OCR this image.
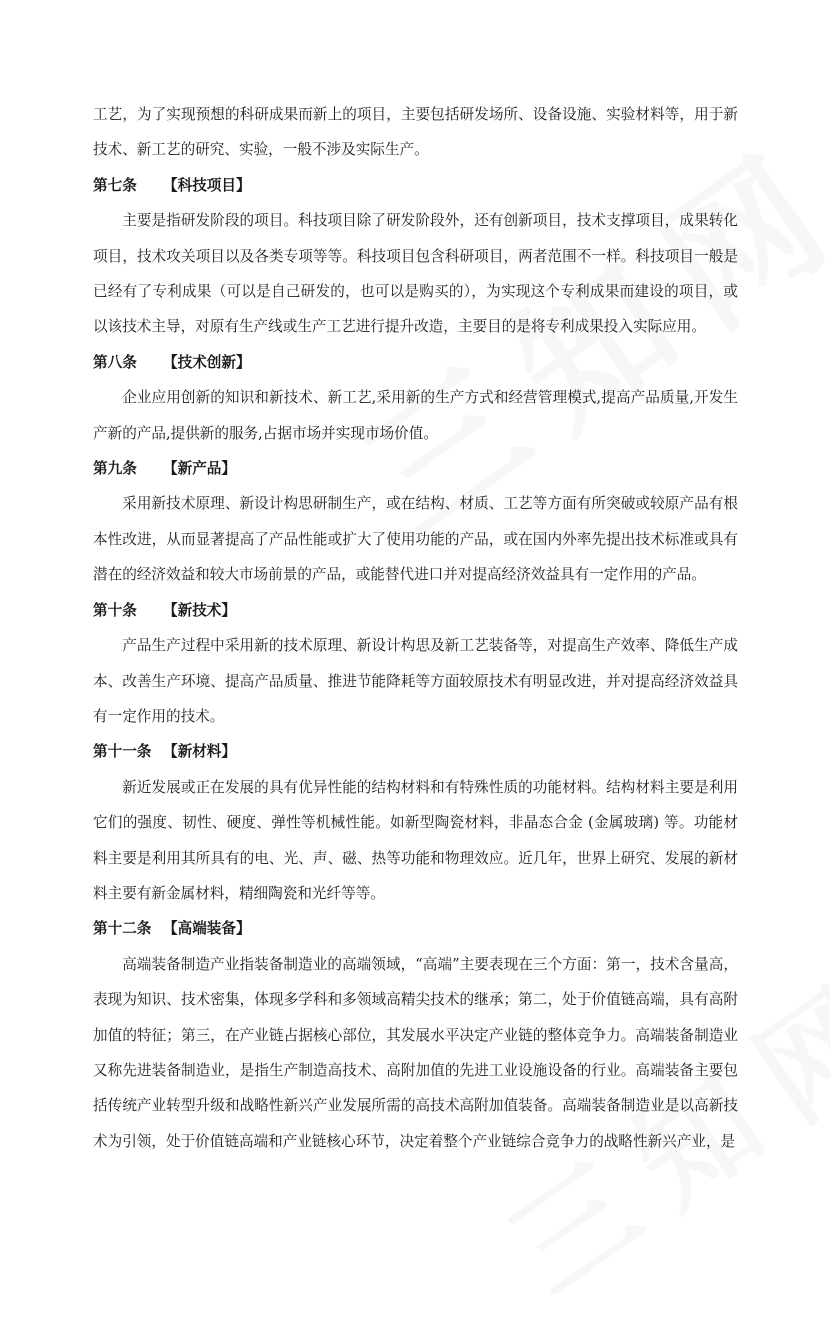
工艺，为了实现预想的科研成果而新上的项目，主要包括研发场所、设备设施、实验材料等，用于新技术、新工艺的研究、实验，一般不涉及实际生产。

第七条	【科技项目】

主要是指研发阶段的项目。科技项目除了研发阶段外，还有创新项目，技术支撑项目，成果转化项目，技术攻关项目以及各类专项等等。科技项目包含科研项目，两者范围不一样。科技项目一般是已经有了专利成果（可以是自己研发的，也可以是购买的），为实现这个专利成果而建设的项目，或以该技术主导，对原有生产线或生产工艺进行提升改造，主要目的是将专利成果投入实际应用。

第八条	【技术创新】

企业应用创新的知识和新技术、新工艺,采用新的生产方式和经营管理模式,提高产品质量,开发生产新的产品,提供新的服务,占据市场并实现市场价值。

第九条	【新产品】

采用新技术原理、新设计构思研制生产，或在结构、材质、工艺等方面有所突破或较原产品有根本性改进，从而显著提高了产品性能或扩大了使用功能的产品，或在国内外率先提出技术标准或具有潜在的经济效益和较大市场前景的产品，或能替代进口并对提高经济效益具有一定作用的产品。

第十条	【新技术】

产品生产过程中采用新的技术原理、新设计构思及新工艺装备等，对提高生产效率、降低生产成本、改善生产环境、提高产品质量、推进节能降耗等方面较原技术有明显改进，并对提高经济效益具有一定作用的技术。

第十一条 【新材料】

新近发展或正在发展的具有优异性能的结构材料和有特殊性质的功能材料。结构材料主要是利用它们的强度、韧性、硬度、弹性等机械性能。如新型陶瓷材料，非晶态合金 (金属玻璃) 等。功能材料主要是利用其所具有的电、光、声、磁、热等功能和物理效应。近几年，世界上研究、发展的新材料主要有新金属材料，精细陶瓷和光纤等等。

第十二条 【高端装备】

高端装备制造产业指装备制造业的高端领域，“高端”主要表现在三个方面：第一，技术含量高，表现为知识、技术密集，体现多学科和多领域高精尖技术的继承；第二，处于价值链高端，具有高附加值的特征；第三，在产业链占据核心部位，其发展水平决定产业链的整体竞争力。高端装备制造业又称先进装备制造业，是指生产制造高技术、高附加值的先进工业设施设备的行业。高端装备主要包括传统产业转型升级和战略性新兴产业发展所需的高技术高附加值装备。高端装备制造业是以高新技术为引领，处于价值链高端和产业链核心环节，决定着整个产业链综合竞争力的战略性新兴产业，是
